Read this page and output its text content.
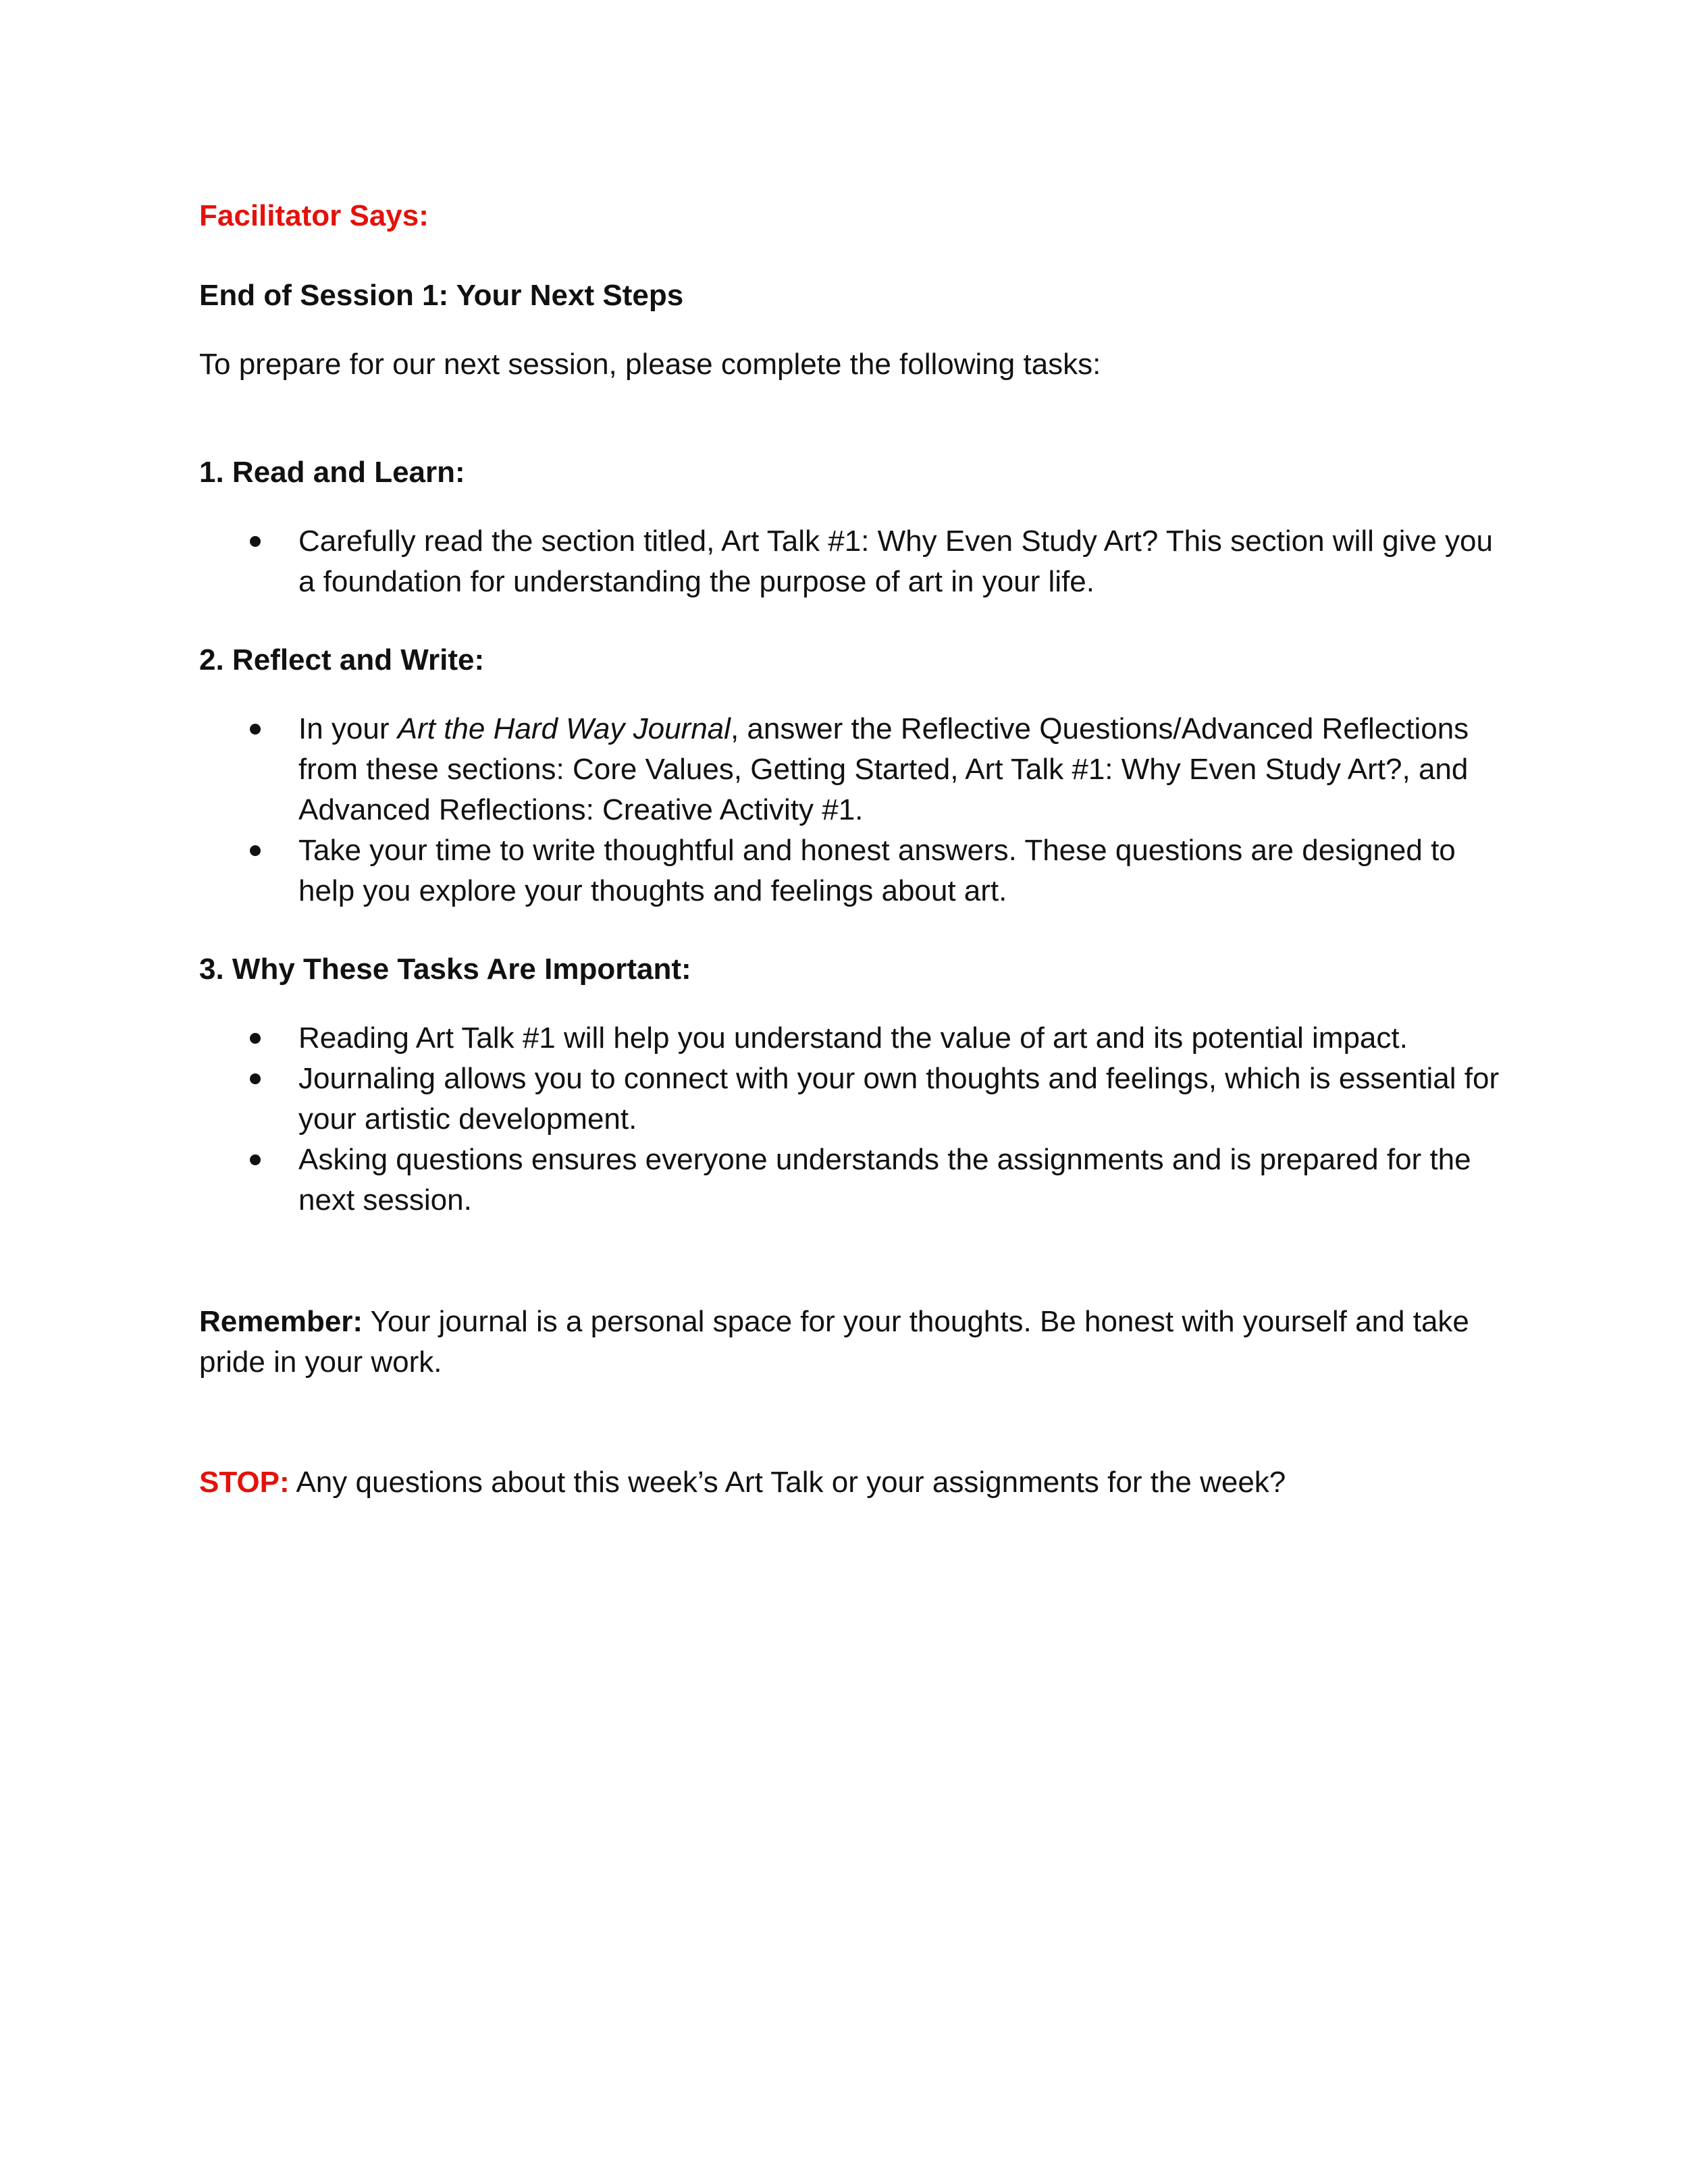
Facilitator Says:

End of Session 1: Your Next Steps

To prepare for our next session, please complete the following tasks:

1. Read and Learn:

Carefully read the section titled, Art Talk #1: Why Even Study Art? This section will give you a foundation for understanding the purpose of art in your life.

2. Reflect and Write:

In your Art the Hard Way Journal, answer the Reflective Questions/Advanced Reflections from these sections: Core Values, Getting Started, Art Talk #1: Why Even Study Art?, and Advanced Reflections: Creative Activity #1.
Take your time to write thoughtful and honest answers. These questions are designed to help you explore your thoughts and feelings about art.

3. Why These Tasks Are Important:

Reading Art Talk #1 will help you understand the value of art and its potential impact.
Journaling allows you to connect with your own thoughts and feelings, which is essential for your artistic development.
Asking questions ensures everyone understands the assignments and is prepared for the next session.

Remember: Your journal is a personal space for your thoughts. Be honest with yourself and take pride in your work.

STOP: Any questions about this week’s Art Talk or your assignments for the week?
